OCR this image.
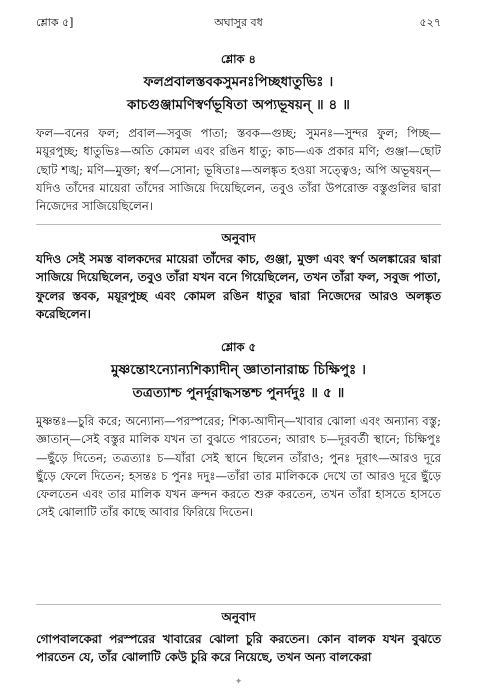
শ্লোক ৫]	অঘাসুর বধ	৫২৭
শ্লোক ৪
ফলপ্রবালস্তবকসুমনঃপিচ্ছধাতুভিঃ ।
কাচগুঞ্জামণিস্বর্ণভূষিতা অপ্যভূষয়ন্ ॥ ৪ ॥
ফল—বনের ফল; প্রবাল—সবুজ পাতা; স্তবক—গুচ্ছ; সুমনঃ—সুন্দর ফুল; পিচ্ছ—ময়ূরপুচ্ছ; ধাতুভিঃ—অতি কোমল এবং রঙিন ধাতু; কাচ—এক প্রকার মণি; গুঞ্জা—ছোট ছোট শঙ্খ; মণি—মুক্তা; স্বর্ণ—সোনা; ভূষিতাঃ—অলঙ্কৃত হওয়া সত্ত্বেও; অপি অভূষয়ন্—যদিও তাঁদের মায়েরা তাঁদের সাজিয়ে দিয়েছিলেন, তবুও তাঁরা উপরোক্ত বস্তুগুলির দ্বারা নিজেদের সাজিয়েছিলেন।
অনুবাদ
যদিও সেই সমস্ত বালকদের মায়েরা তাঁদের কাচ, গুঞ্জা, মুক্তা এবং স্বর্ণ অলঙ্কারের দ্বারা সাজিয়ে দিয়েছিলেন, তবুও তাঁরা যখন বনে গিয়েছিলেন, তখন তাঁরা ফল, সবুজ পাতা, ফুলের স্তবক, ময়ূরপুচ্ছ এবং কোমল রঙিন ধাতুর দ্বারা নিজেদের আরও অলঙ্কৃত করেছিলেন।
শ্লোক ৫
মুষ্ণন্তোঽন্যোন্যশিক্যাদীন্ জ্ঞাতানারাচ্চ চিক্ষিপুঃ ।
তত্রত্যাশ্চ পুনর্দূরাদ্ধসন্তশ্চ পুনর্দদুঃ ॥ ৫ ॥
মুষ্ণন্তঃ—চুরি করে; অন্যোন্য—পরস্পরের; শিক্য-আদীন্—খাবার ঝোলা এবং অন্যান্য বস্তু; জ্ঞাতান্—সেই বস্তুর মালিক যখন তা বুঝতে পারতেন; আরাৎ চ—দূরবর্তী স্থানে; চিক্ষিপুঃ—ছুঁড়ে দিতেন; তত্রত্যাঃ চ—যাঁরা সেই স্থানে ছিলেন তাঁরাও; পুনঃ দূরাৎ—আরও দূরে ছুঁড়ে ফেলে দিতেন; হসন্তঃ চ পুনঃ দদুঃ—তাঁরা তার মালিককে দেখে তা আরও দূরে ছুঁড়ে ফেলতেন এবং তার মালিক যখন ক্রন্দন করতে শুরু করতেন, তখন তাঁরা হাসতে হাসতে সেই ঝোলাটি তাঁর কাছে আবার ফিরিয়ে দিতেন।
অনুবাদ
গোপবালকেরা পরস্পরের খাবারের ঝোলা চুরি করতেন। কোন বালক যখন বুঝতে পারতেন যে, তাঁর ঝোলাটি কেউ চুরি করে নিয়েছে, তখন অন্য বালকেরা
✦
